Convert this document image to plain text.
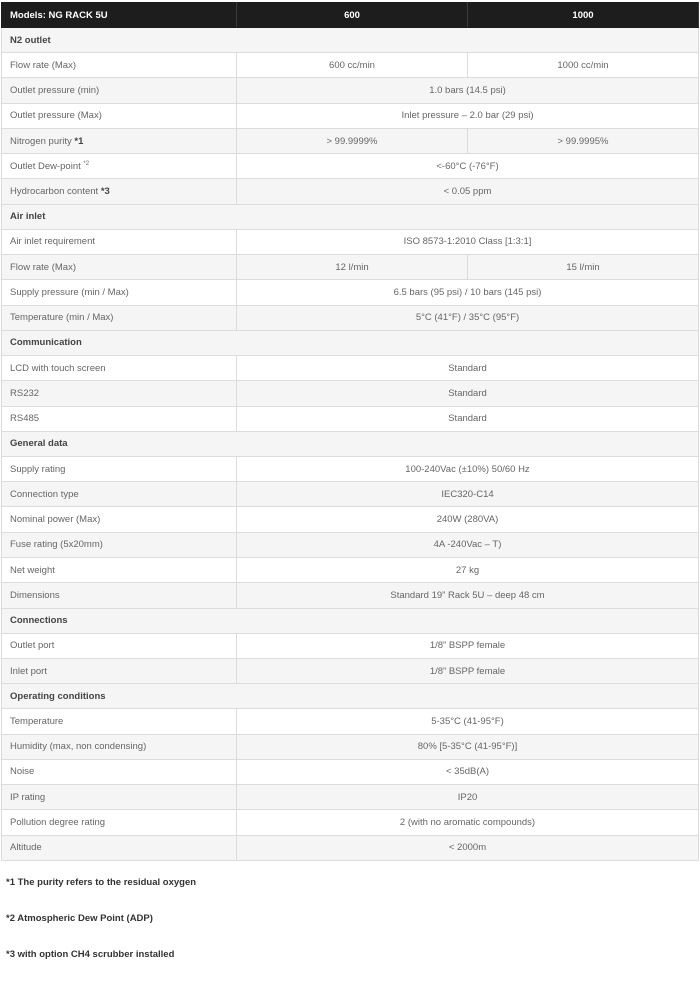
Models: NG RACK 5U	600	1000
N2 outlet		
Flow rate (Max)	600 cc/min	1000 cc/min
Outlet pressure (min)	1.0 bars (14.5 psi)	
Outlet pressure (Max)	Inlet pressure – 2.0 bar (29 psi)	
Nitrogen purity *1	> 99.9999%	> 99.9995%
Outlet Dew-point $^{*2}$	<-60°C (-76°F)	
Hydrocarbon content *3	< 0.05 ppm	
Air inlet		
Air inlet requirement	ISO 8573-1:2010 Class [1:3:1]	
Flow rate (Max)	12 l/min	15 l/min
Supply pressure (min / Max)	6.5 bars (95 psi) / 10 bars (145 psi)	
Temperature (min / Max)	5°C (41°F) / 35°C (95°F)	
Communication		
LCD with touch screen	Standard	
RS232	Standard	
RS485	Standard	
General data		
Supply rating	100-240Vac (±10%) 50/60 Hz	
Connection type	IEC320-C14	
Nominal power (Max)	240W (280VA)	
Fuse rating (5x20mm)	4A -240Vac – T)	
Net weight	27 kg	
Dimensions	Standard 19” Rack 5U – deep 48 cm	
Connections		
Outlet port	1/8” BSPP female	
Inlet port	1/8” BSPP female	
Operating conditions		
Temperature	5-35°C (41-95°F)	
Humidity (max, non condensing)	80% [5-35°C (41-95°F)]	
Noise	< 35dB(A)	
IP rating	IP20	
Pollution degree rating	2 (with no aromatic compounds)	
Altitude	< 2000m	
*1 The purity refers to the residual oxygen
*2 Atmospheric Dew Point (ADP)
*3 with option CH4 scrubber installed
